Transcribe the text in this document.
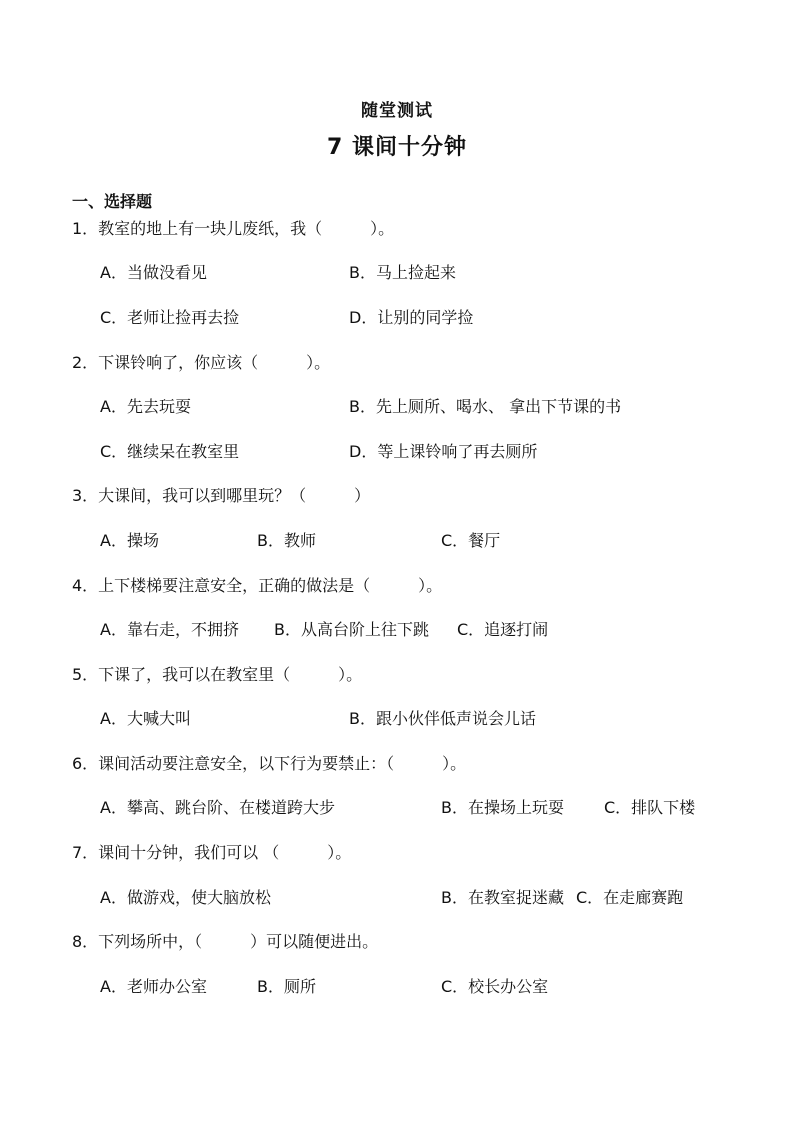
随堂测试
7 课间十分钟
一、选择题
1．教室的地上有一块儿废纸，我（　　　）。
A．当做没看见	B．马上捡起来
C．老师让捡再去捡	D．让别的同学捡
2．下课铃响了，你应该（　　　）。
A．先去玩耍	B．先上厕所、喝水、 拿出下节课的书
C．继续呆在教室里	D．等上课铃响了再去厕所
3．大课间，我可以到哪里玩？（　　　）
A．操场	B．教师	C．餐厅
4．上下楼梯要注意安全，正确的做法是（　　　）。
A．靠右走，不拥挤 B．从高台阶上往下跳 C．追逐打闹
5．下课了，我可以在教室里（　　　）。
A．大喊大叫	B．跟小伙伴低声说会儿话
6．课间活动要注意安全，以下行为要禁止：（　　　）。
A．攀高、跳台阶、在楼道跨大步	B．在操场上玩耍	C．排队下楼
7．课间十分钟，我们可以 （　　　）。
A．做游戏，使大脑放松	B．在教室捉迷藏 C．在走廊赛跑
8．下列场所中，（　　　）可以随便进出。
A．老师办公室	B．厕所	C．校长办公室
